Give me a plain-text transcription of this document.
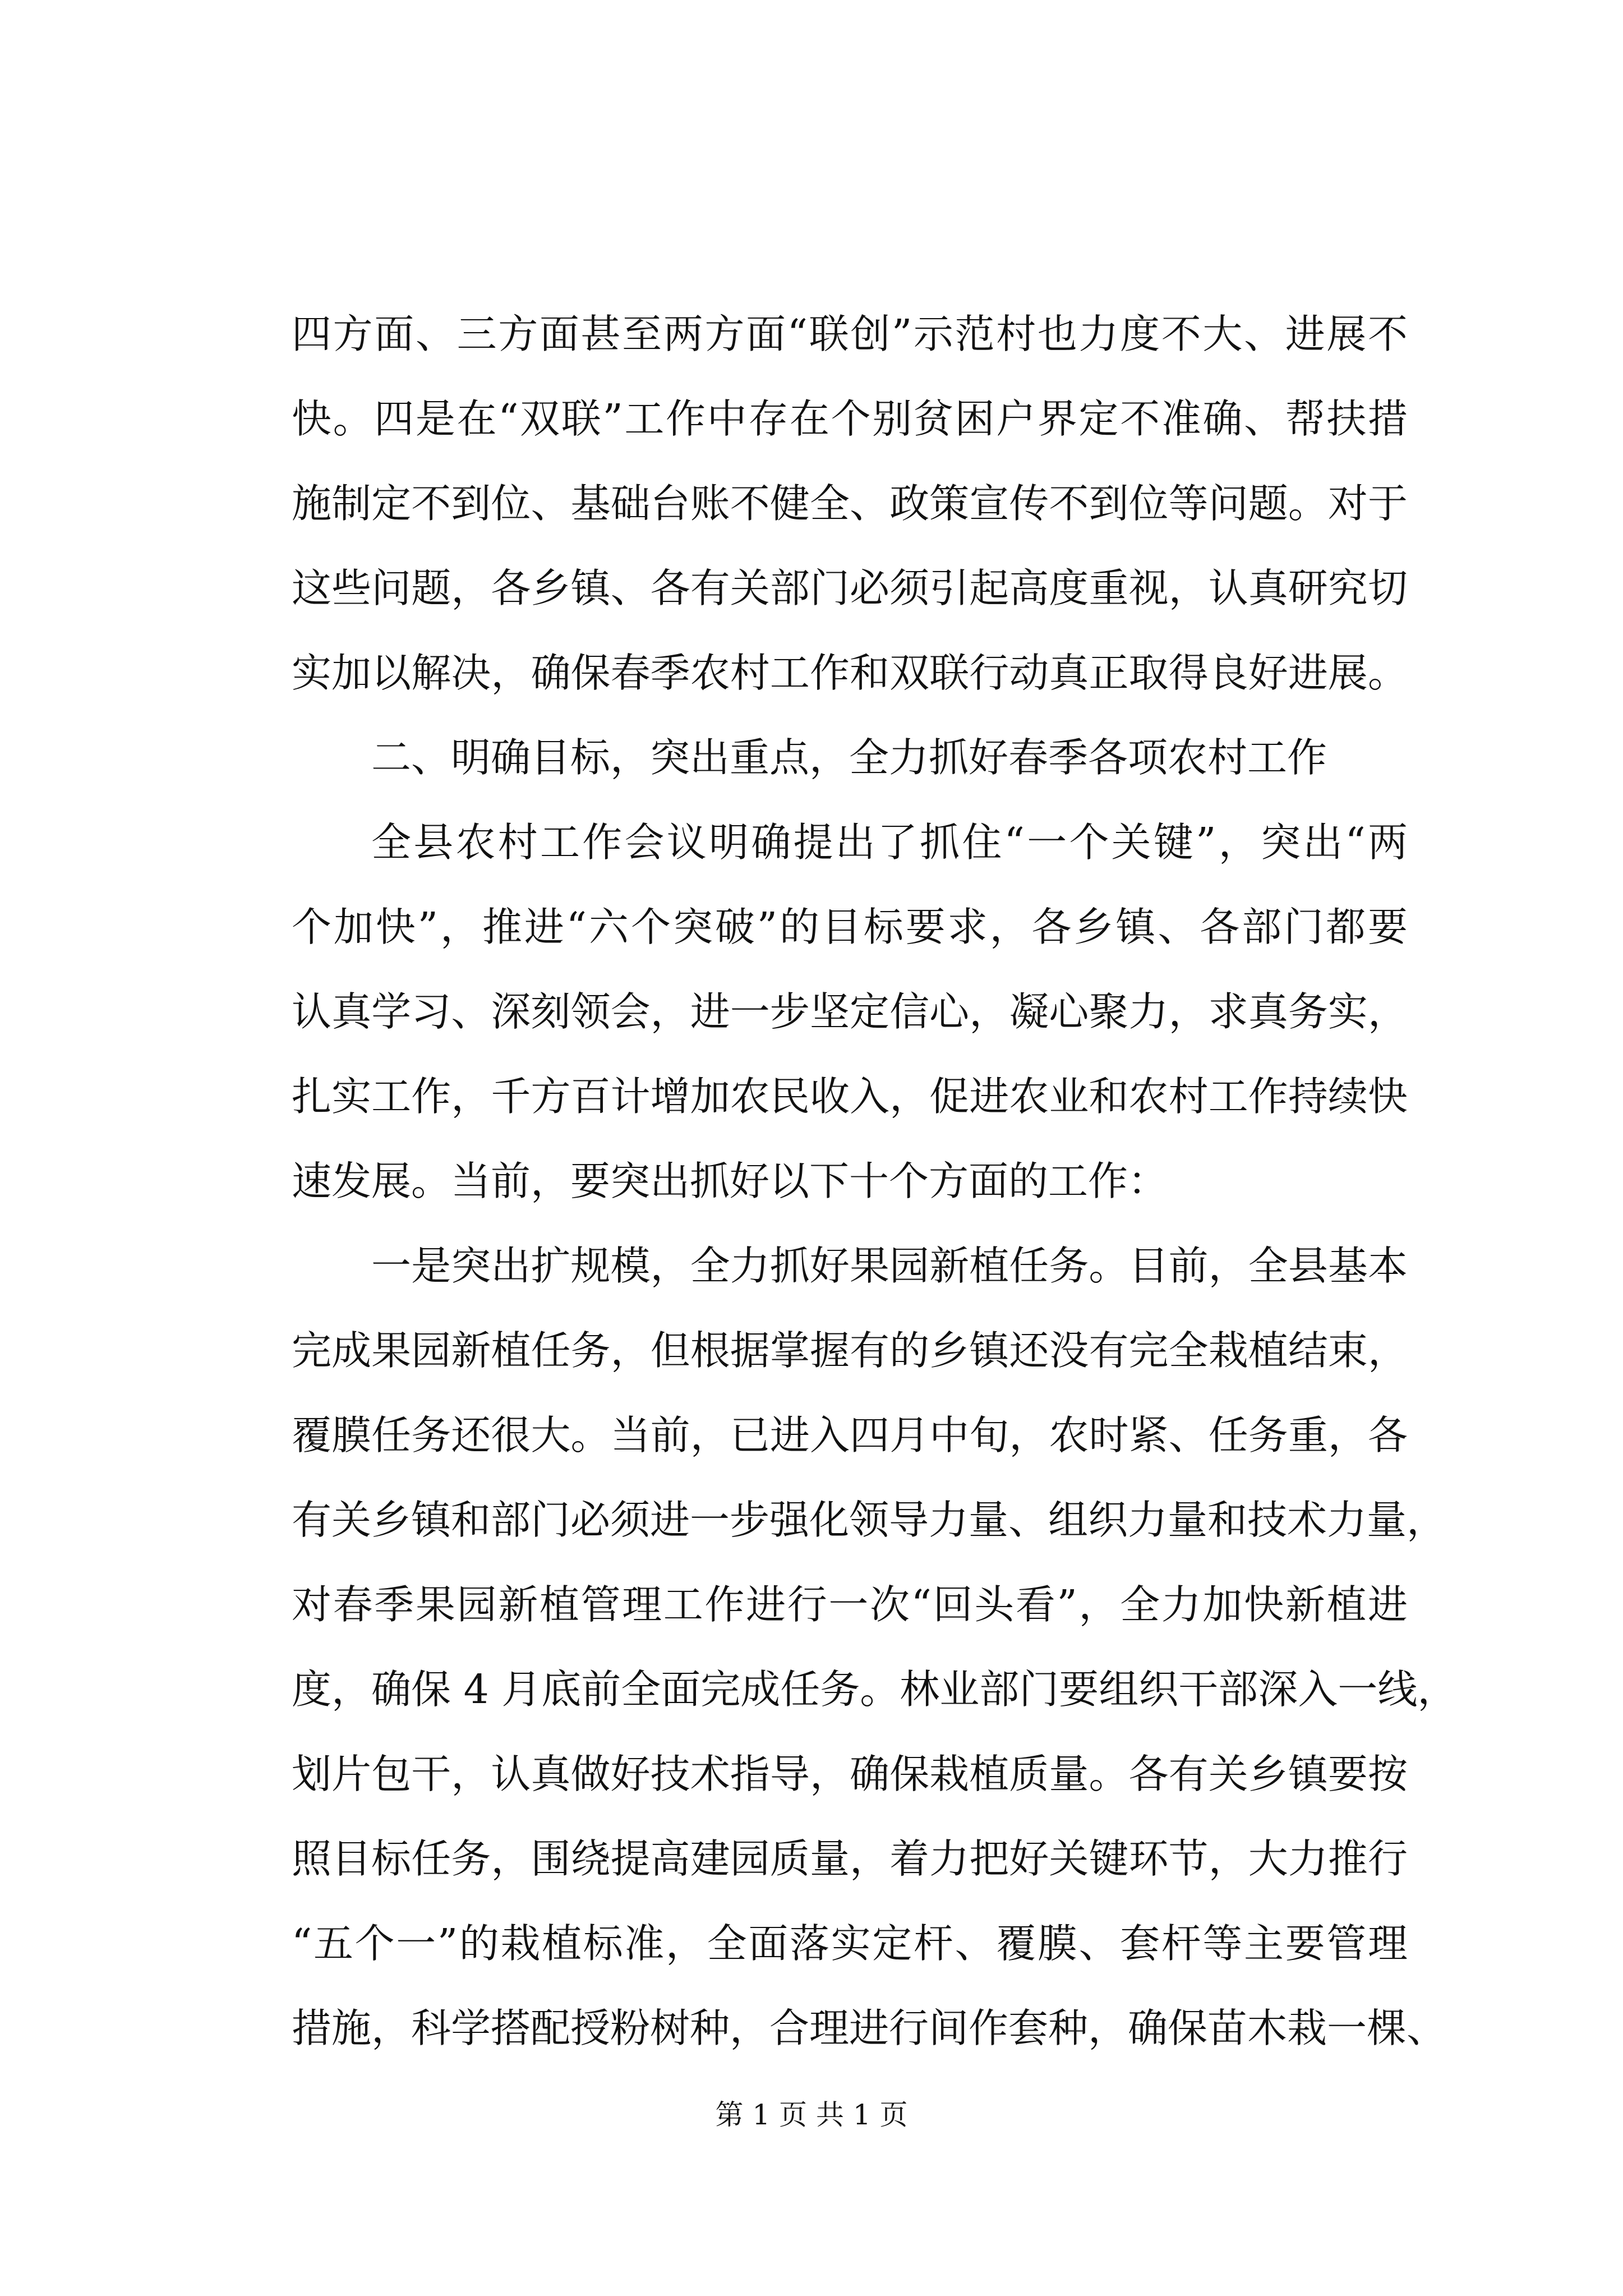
四方面、三方面甚至两方面“联创”示范村也力度不大、进展不
快。四是在“双联”工作中存在个别贫困户界定不准确、帮扶措
施制定不到位、基础台账不健全、政策宣传不到位等问题。对于
这些问题，各乡镇、各有关部门必须引起高度重视，认真研究切
实加以解决，确保春季农村工作和双联行动真正取得良好进展。
二、明确目标，突出重点，全力抓好春季各项农村工作
全县农村工作会议明确提出了抓住“一个关键”，突出“两
个加快”，推进“六个突破”的目标要求，各乡镇、各部门都要
认真学习、深刻领会，进一步坚定信心，凝心聚力，求真务实，
扎实工作，千方百计增加农民收入，促进农业和农村工作持续快
速发展。当前，要突出抓好以下十个方面的工作：
一是突出扩规模，全力抓好果园新植任务。目前，全县基本
完成果园新植任务，但根据掌握有的乡镇还没有完全栽植结束，
覆膜任务还很大。当前，已进入四月中旬，农时紧、任务重，各
有关乡镇和部门必须进一步强化领导力量、组织力量和技术力量，
对春季果园新植管理工作进行一次“回头看”，全力加快新植进
度，确保 4 月底前全面完成任务。林业部门要组织干部深入一线，
划片包干，认真做好技术指导，确保栽植质量。各有关乡镇要按
照目标任务，围绕提高建园质量，着力把好关键环节，大力推行
“五个一”的栽植标准，全面落实定杆、覆膜、套杆等主要管理
措施，科学搭配授粉树种，合理进行间作套种，确保苗木栽一棵、
第 1 页 共 1 页
